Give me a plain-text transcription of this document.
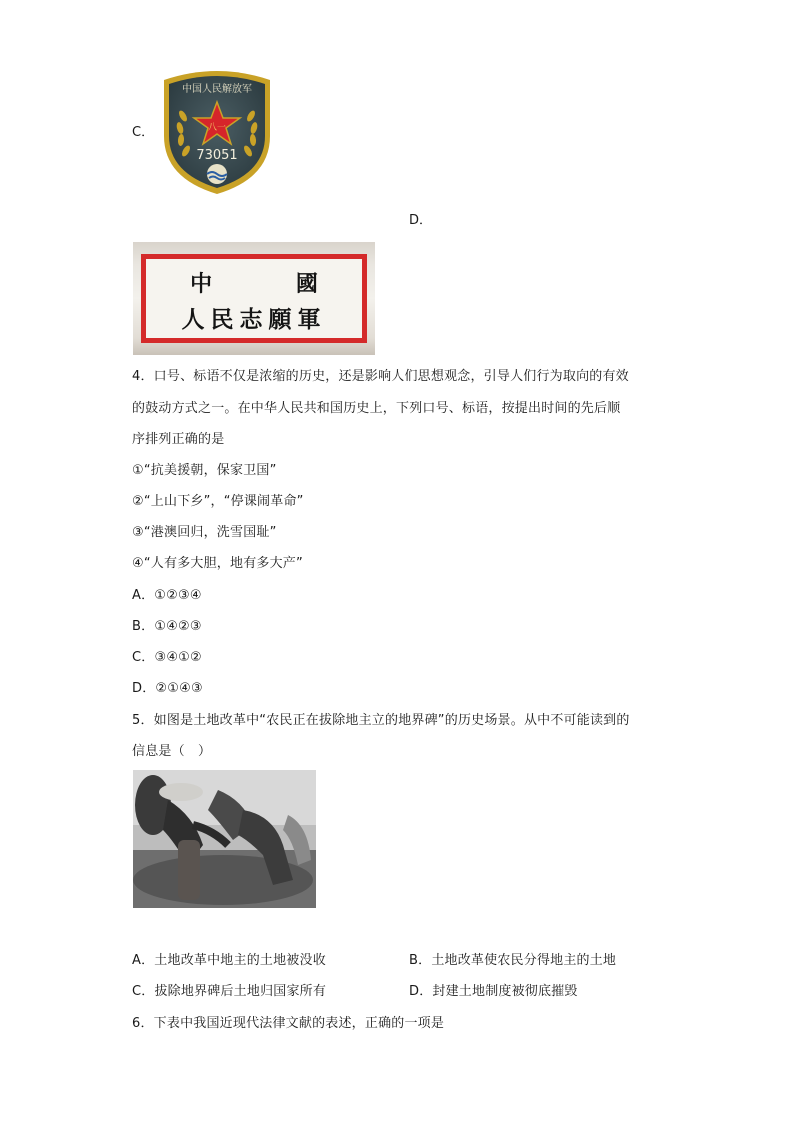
C．
中国人民解放军
八一
73051
D．
中 國
人民志願軍
4．口号、标语不仅是浓缩的历史，还是影响人们思想观念，引导人们行为取向的有效
的鼓动方式之一。在中华人民共和国历史上，下列口号、标语，按提出时间的先后顺
序排列正确的是
①“抗美援朝，保家卫国”
②“上山下乡”，“停课闹革命”
③“港澳回归，洗雪国耻”
④“人有多大胆，地有多大产”
A．①②③④
B．①④②③
C．③④①②
D．②①④③
5．如图是土地改革中“农民正在拔除地主立的地界碑”的历史场景。从中不可能读到的
信息是（　）
A．土地改革中地主的土地被没收	B．土地改革使农民分得地主的土地
C．拔除地界碑后土地归国家所有	D．封建土地制度被彻底摧毁
6．下表中我国近现代法律文献的表述，正确的一项是
